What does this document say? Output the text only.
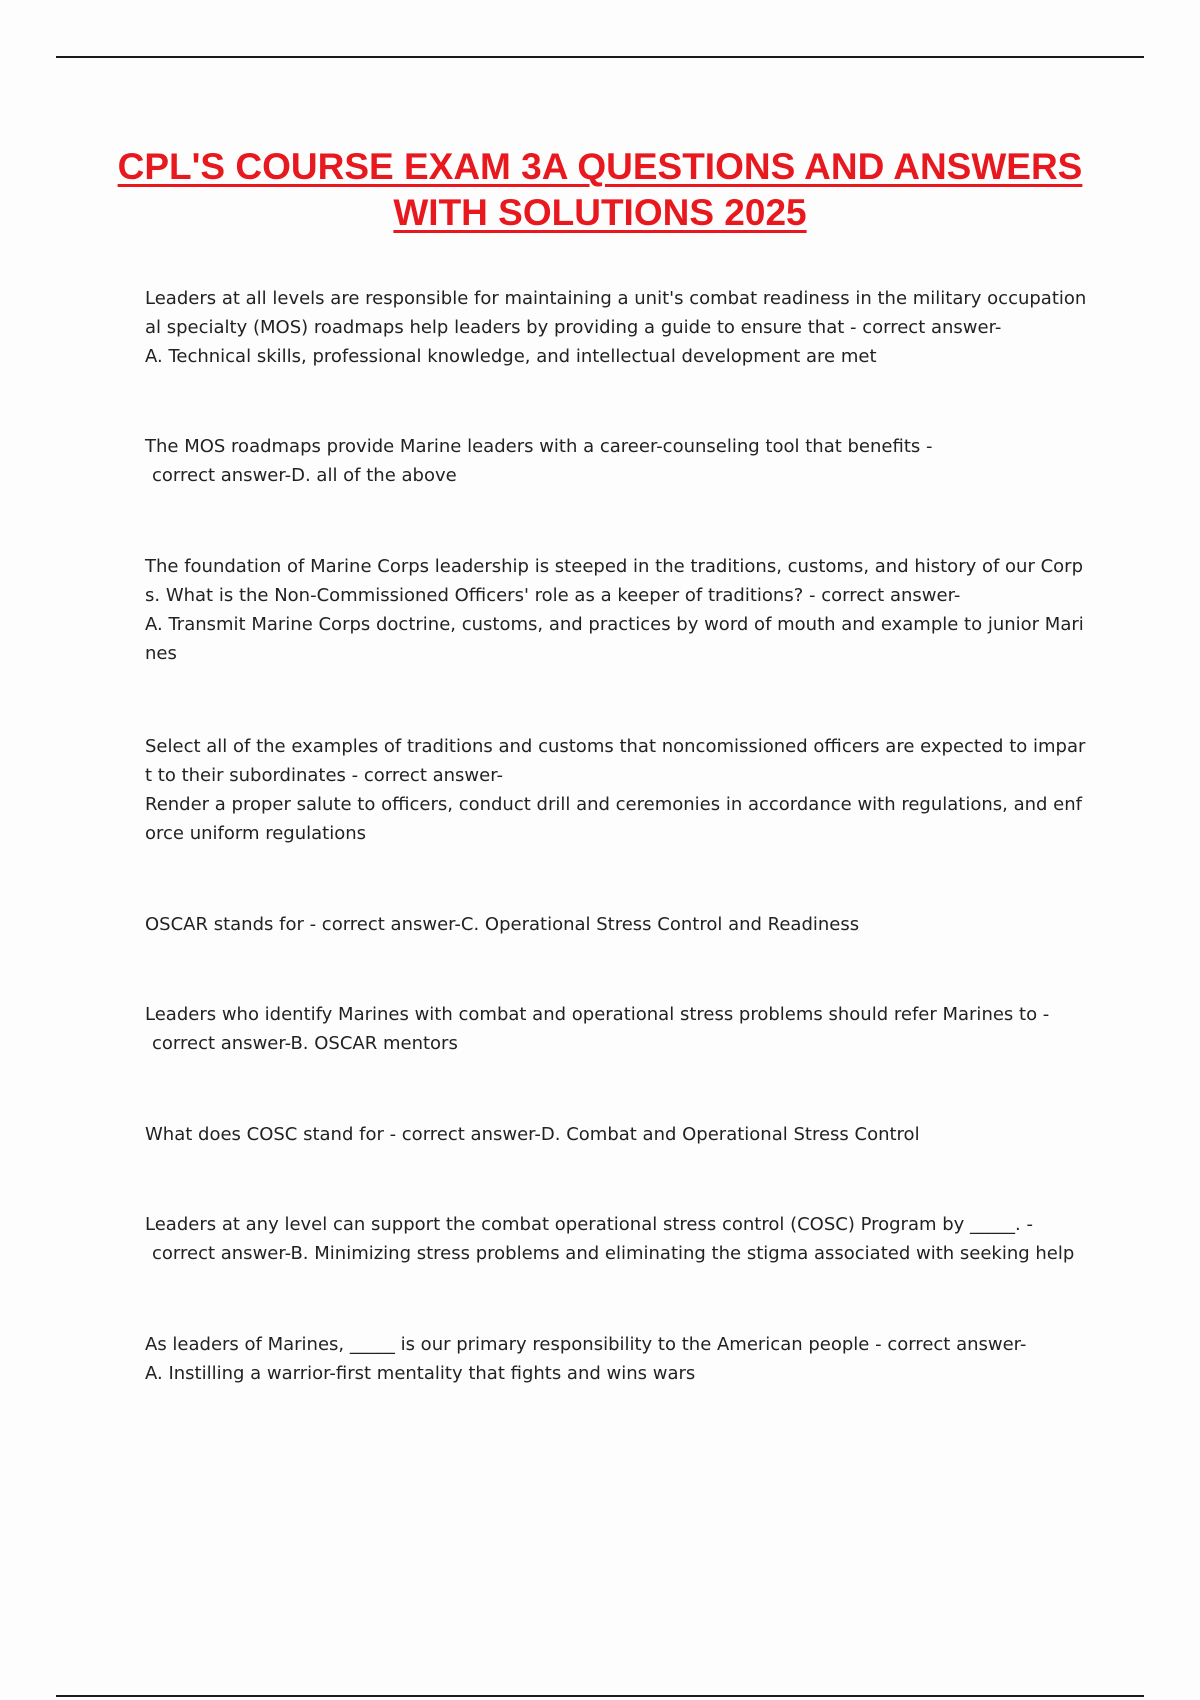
CPL'S COURSE EXAM 3A QUESTIONS AND ANSWERS WITH SOLUTIONS 2025
Leaders at all levels are responsible for maintaining a unit's combat readiness in the military occupational specialty (MOS) roadmaps help leaders by providing a guide to ensure that - correct answer-
A. Technical skills, professional knowledge, and intellectual development are met
The MOS roadmaps provide Marine leaders with a career-counseling tool that benefits -
correct answer-D. all of the above
The foundation of Marine Corps leadership is steeped in the traditions, customs, and history of our Corps. What is the Non-Commissioned Officers' role as a keeper of traditions? - correct answer-
A. Transmit Marine Corps doctrine, customs, and practices by word of mouth and example to junior Marines
Select all of the examples of traditions and customs that noncomissioned officers are expected to impart to their subordinates - correct answer-
Render a proper salute to officers, conduct drill and ceremonies in accordance with regulations, and enforce uniform regulations
OSCAR stands for - correct answer-C. Operational Stress Control and Readiness
Leaders who identify Marines with combat and operational stress problems should refer Marines to -
correct answer-B. OSCAR mentors
What does COSC stand for - correct answer-D. Combat and Operational Stress Control
Leaders at any level can support the combat operational stress control (COSC) Program by _____. -
correct answer-B. Minimizing stress problems and eliminating the stigma associated with seeking help
As leaders of Marines, _____ is our primary responsibility to the American people - correct answer-
A. Instilling a warrior-first mentality that fights and wins wars
